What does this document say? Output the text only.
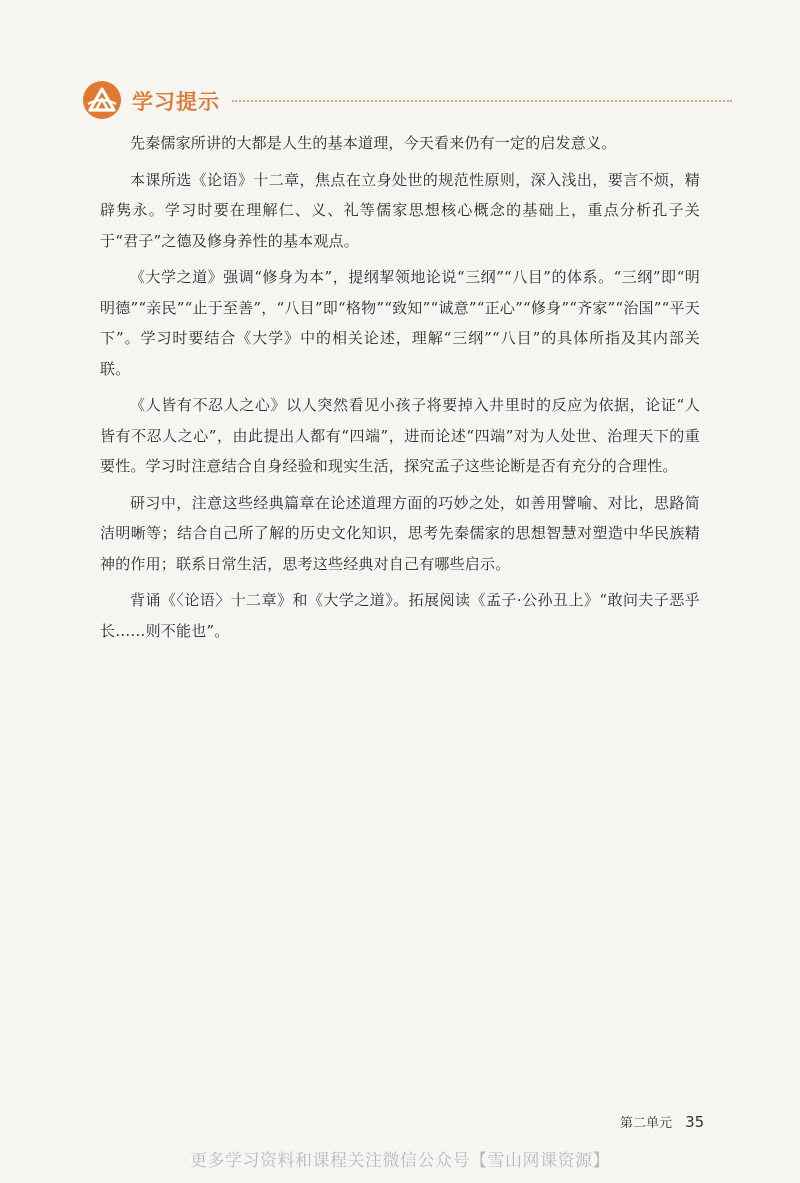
学习提示

先秦儒家所讲的大都是人生的基本道理，今天看来仍有一定的启发意义。

本课所选《论语》十二章，焦点在立身处世的规范性原则，深入浅出，要言不烦，精辟隽永。学习时要在理解仁、义、礼等儒家思想核心概念的基础上，重点分析孔子关于“君子”之德及修身养性的基本观点。

《大学之道》强调“修身为本”，提纲挈领地论说“三纲”“八目”的体系。“三纲”即“明明德”“亲民”“止于至善”，“八目”即“格物”“致知”“诚意”“正心”“修身”“齐家”“治国”“平天下”。学习时要结合《大学》中的相关论述，理解“三纲”“八目”的具体所指及其内部关联。

《人皆有不忍人之心》以人突然看见小孩子将要掉入井里时的反应为依据，论证“人皆有不忍人之心”，由此提出人都有“四端”，进而论述“四端”对为人处世、治理天下的重要性。学习时注意结合自身经验和现实生活，探究孟子这些论断是否有充分的合理性。

研习中，注意这些经典篇章在论述道理方面的巧妙之处，如善用譬喻、对比，思路简洁明晰等；结合自己所了解的历史文化知识，思考先秦儒家的思想智慧对塑造中华民族精神的作用；联系日常生活，思考这些经典对自己有哪些启示。

背诵《〈论语〉十二章》和《大学之道》。拓展阅读《孟子·公孙丑上》“敢问夫子恶乎长……则不能也”。

第二单元 35
更多学习资料和课程关注微信公众号【雪山网课资源】
